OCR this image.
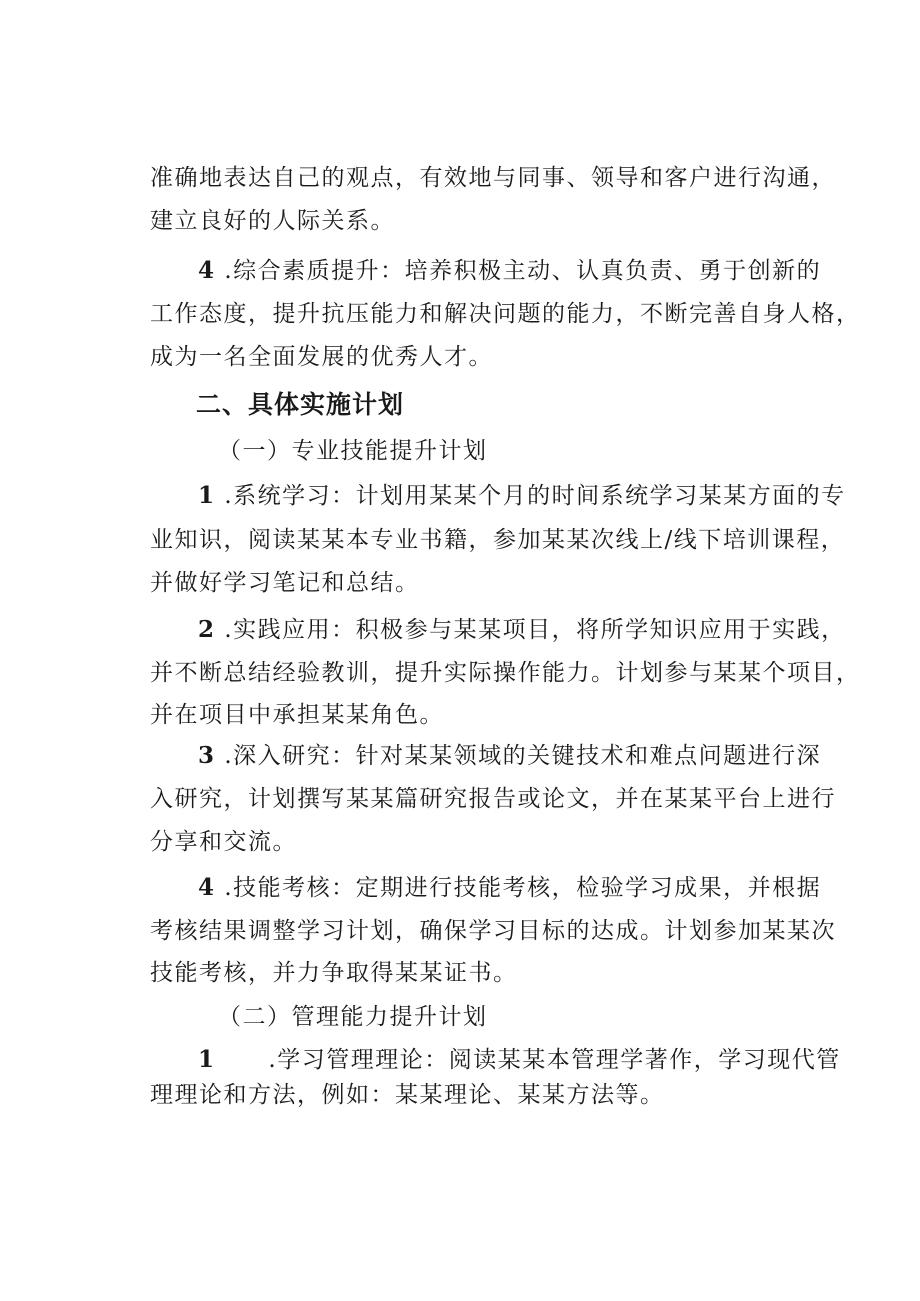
准确地表达自己的观点，有效地与同事、领导和客户进行沟通，
建立良好的人际关系。
4 .综合素质提升：培养积极主动、认真负责、勇于创新的
工作态度，提升抗压能力和解决问题的能力，不断完善自身人格，
成为一名全面发展的优秀人才。
二、具体实施计划
（一）专业技能提升计划
1 .系统学习：计划用某某个月的时间系统学习某某方面的专
业知识，阅读某某本专业书籍，参加某某次线上/线下培训课程，
并做好学习笔记和总结。
2 .实践应用：积极参与某某项目，将所学知识应用于实践，
并不断总结经验教训，提升实际操作能力。计划参与某某个项目，
并在项目中承担某某角色。
3 .深入研究：针对某某领域的关键技术和难点问题进行深
入研究，计划撰写某某篇研究报告或论文，并在某某平台上进行
分享和交流。
4 .技能考核：定期进行技能考核，检验学习成果，并根据
考核结果调整学习计划，确保学习目标的达成。计划参加某某次
技能考核，并力争取得某某证书。
（二）管理能力提升计划
1      .学习管理理论：阅读某某本管理学著作，学习现代管
理理论和方法，例如：某某理论、某某方法等。
